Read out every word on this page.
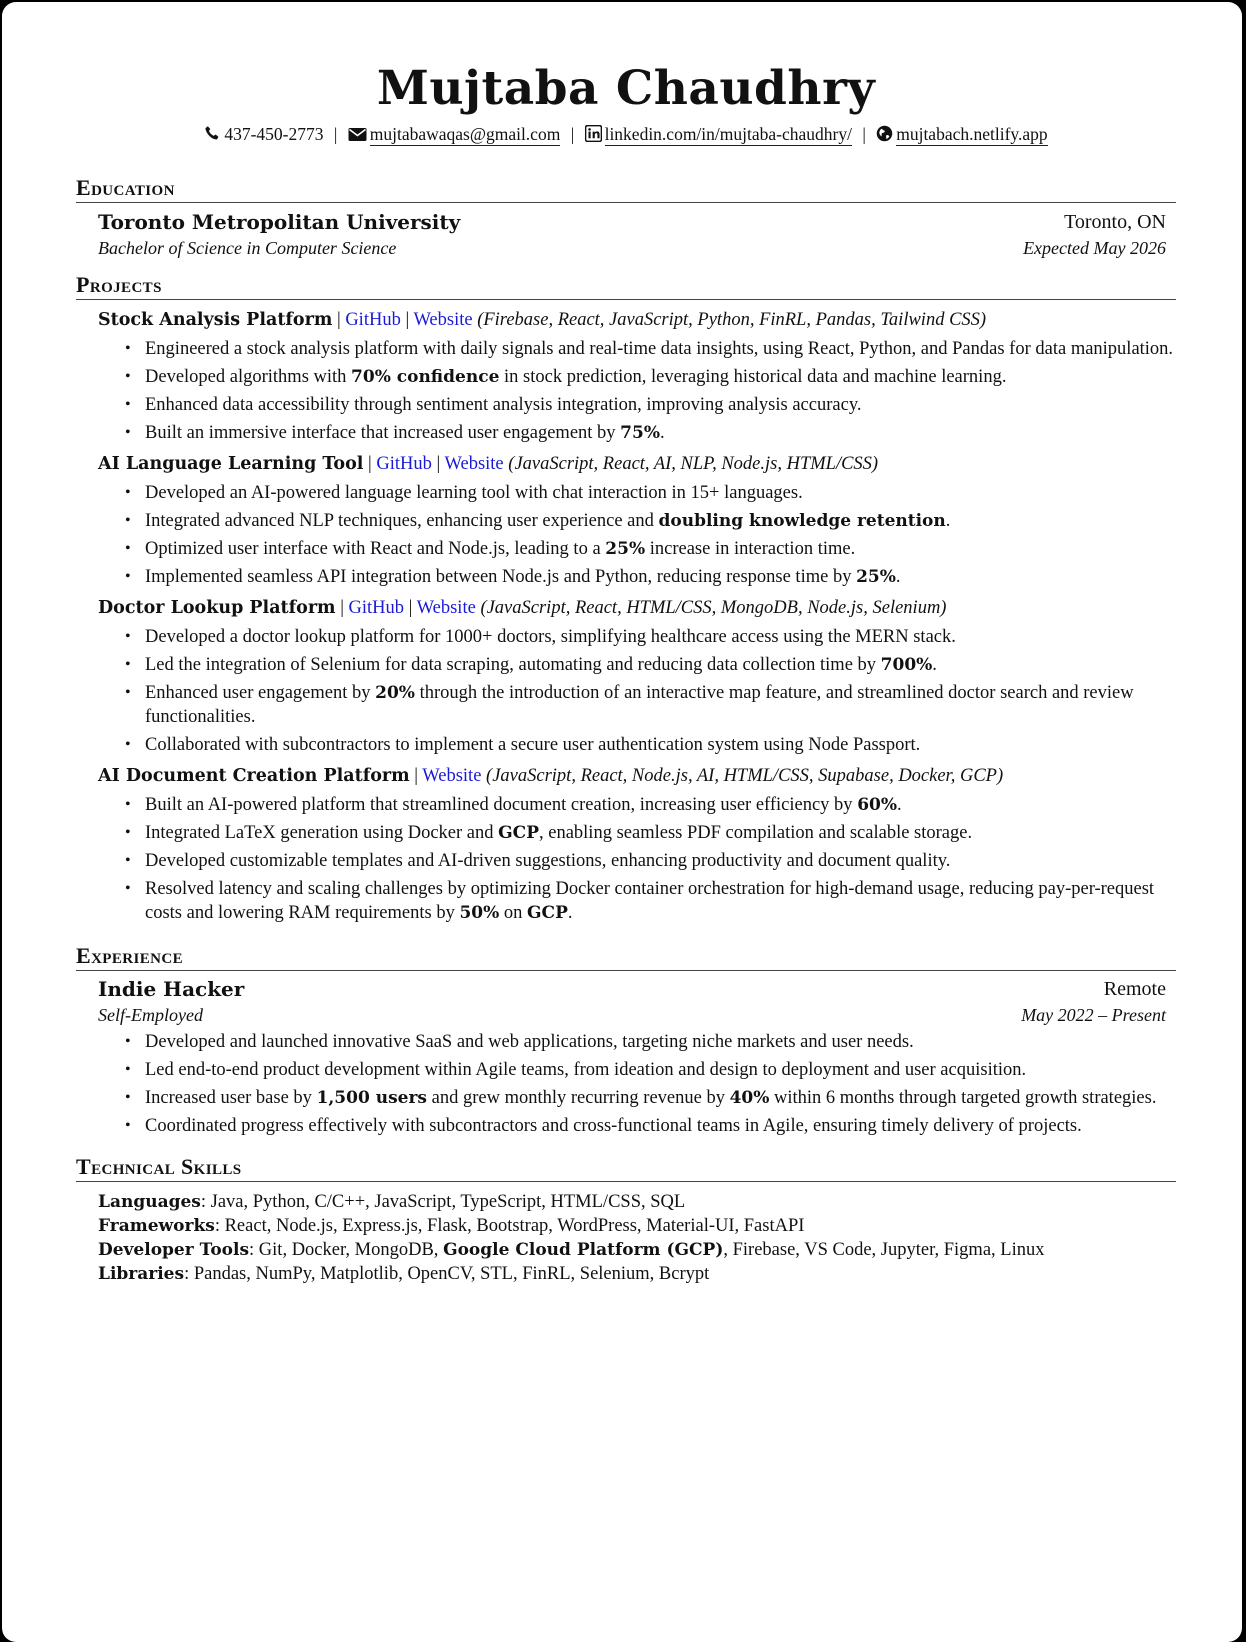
Mujtaba Chaudhry
437-450-2773 | mujtabawaqas@gmail.com | linkedin.com/in/mujtaba-chaudhry/ | mujtabach.netlify.app
Education
Toronto Metropolitan University	Toronto, ON
Bachelor of Science in Computer Science	Expected May 2026
Projects
Stock Analysis Platform | GitHub | Website (Firebase, React, JavaScript, Python, FinRL, Pandas, Tailwind CSS)
• Engineered a stock analysis platform with daily signals and real-time data insights, using React, Python, and Pandas for data manipulation.
• Developed algorithms with 70% confidence in stock prediction, leveraging historical data and machine learning.
• Enhanced data accessibility through sentiment analysis integration, improving analysis accuracy.
• Built an immersive interface that increased user engagement by 75%.
AI Language Learning Tool | GitHub | Website (JavaScript, React, AI, NLP, Node.js, HTML/CSS)
• Developed an AI-powered language learning tool with chat interaction in 15+ languages.
• Integrated advanced NLP techniques, enhancing user experience and doubling knowledge retention.
• Optimized user interface with React and Node.js, leading to a 25% increase in interaction time.
• Implemented seamless API integration between Node.js and Python, reducing response time by 25%.
Doctor Lookup Platform | GitHub | Website (JavaScript, React, HTML/CSS, MongoDB, Node.js, Selenium)
• Developed a doctor lookup platform for 1000+ doctors, simplifying healthcare access using the MERN stack.
• Led the integration of Selenium for data scraping, automating and reducing data collection time by 700%.
• Enhanced user engagement by 20% through the introduction of an interactive map feature, and streamlined doctor search and review functionalities.
• Collaborated with subcontractors to implement a secure user authentication system using Node Passport.
AI Document Creation Platform | Website (JavaScript, React, Node.js, AI, HTML/CSS, Supabase, Docker, GCP)
• Built an AI-powered platform that streamlined document creation, increasing user efficiency by 60%.
• Integrated LaTeX generation using Docker and GCP, enabling seamless PDF compilation and scalable storage.
• Developed customizable templates and AI-driven suggestions, enhancing productivity and document quality.
• Resolved latency and scaling challenges by optimizing Docker container orchestration for high-demand usage, reducing pay-per-request costs and lowering RAM requirements by 50% on GCP.
Experience
Indie Hacker	Remote
Self-Employed	May 2022 – Present
• Developed and launched innovative SaaS and web applications, targeting niche markets and user needs.
• Led end-to-end product development within Agile teams, from ideation and design to deployment and user acquisition.
• Increased user base by 1,500 users and grew monthly recurring revenue by 40% within 6 months through targeted growth strategies.
• Coordinated progress effectively with subcontractors and cross-functional teams in Agile, ensuring timely delivery of projects.
Technical Skills
Languages: Java, Python, C/C++, JavaScript, TypeScript, HTML/CSS, SQL
Frameworks: React, Node.js, Express.js, Flask, Bootstrap, WordPress, Material-UI, FastAPI
Developer Tools: Git, Docker, MongoDB, Google Cloud Platform (GCP), Firebase, VS Code, Jupyter, Figma, Linux
Libraries: Pandas, NumPy, Matplotlib, OpenCV, STL, FinRL, Selenium, Bcrypt
